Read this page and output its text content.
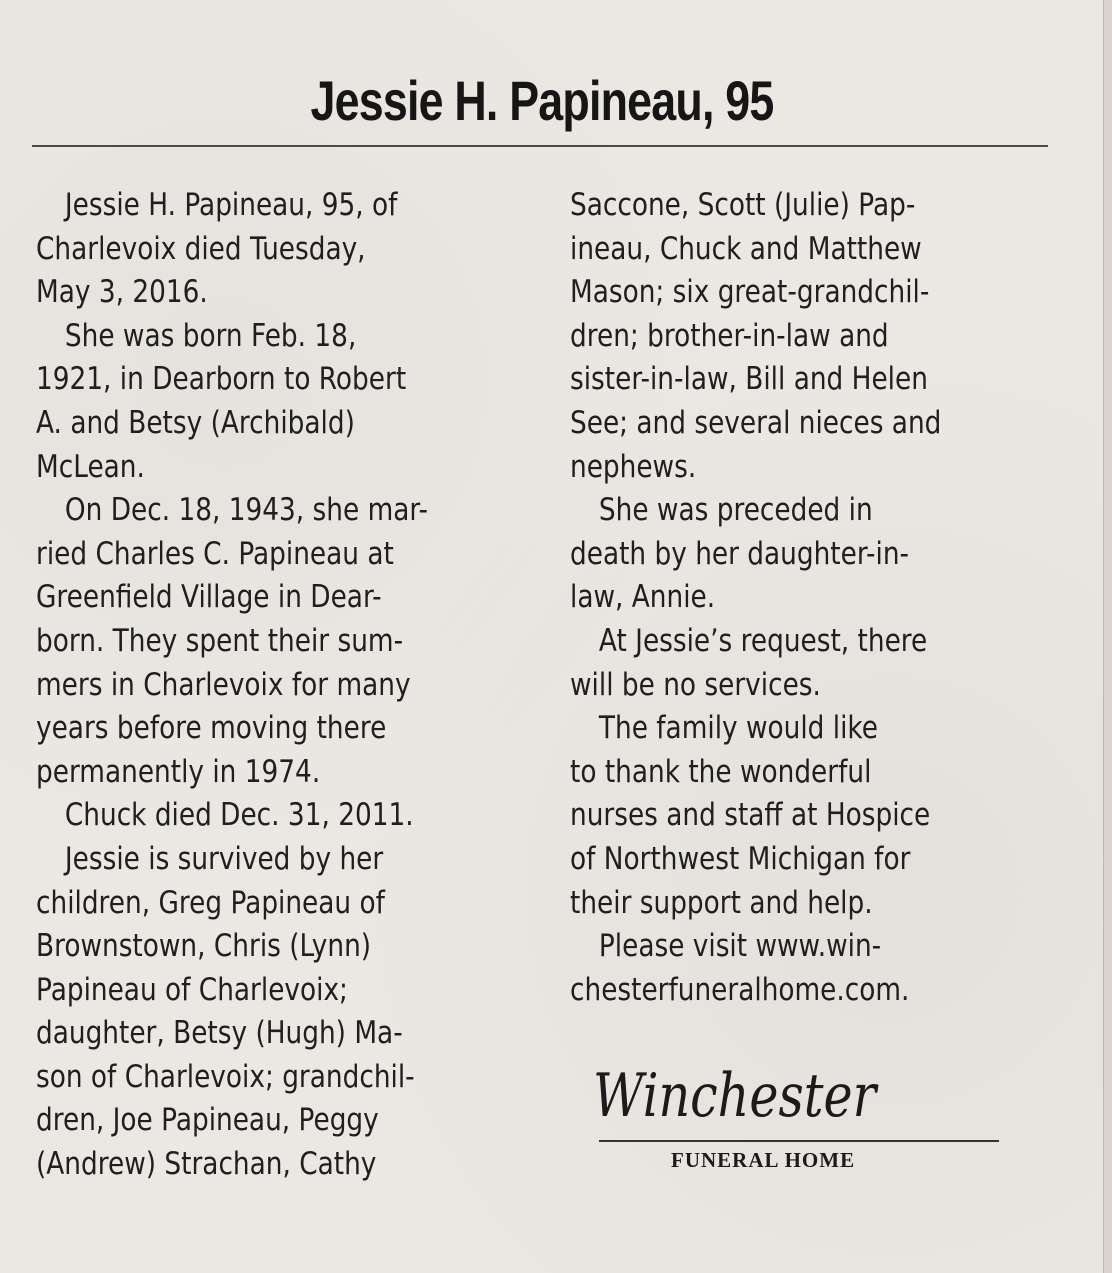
Jessie H. Papineau, 95
Jessie H. Papineau, 95, of
Charlevoix died Tuesday,
May 3, 2016.
She was born Feb. 18,
1921, in Dearborn to Robert
A. and Betsy (Archibald)
McLean.
On Dec. 18, 1943, she mar-
ried Charles C. Papineau at
Greenfield Village in Dear-
born. They spent their sum-
mers in Charlevoix for many
years before moving there
permanently in 1974.
Chuck died Dec. 31, 2011.
Jessie is survived by her
children, Greg Papineau of
Brownstown, Chris (Lynn)
Papineau of Charlevoix;
daughter, Betsy (Hugh) Ma-
son of Charlevoix; grandchil-
dren, Joe Papineau, Peggy
(Andrew) Strachan, Cathy
Saccone, Scott (Julie) Pap-
ineau, Chuck and Matthew
Mason; six great-grandchil-
dren; brother-in-law and
sister-in-law, Bill and Helen
See; and several nieces and
nephews.
She was preceded in
death by her daughter-in-
law, Annie.
At Jessie’s request, there
will be no services.
The family would like
to thank the wonderful
nurses and staff at Hospice
of Northwest Michigan for
their support and help.
Please visit www.win-
chesterfuneralhome.com.
Winchester
FUNERAL HOME
